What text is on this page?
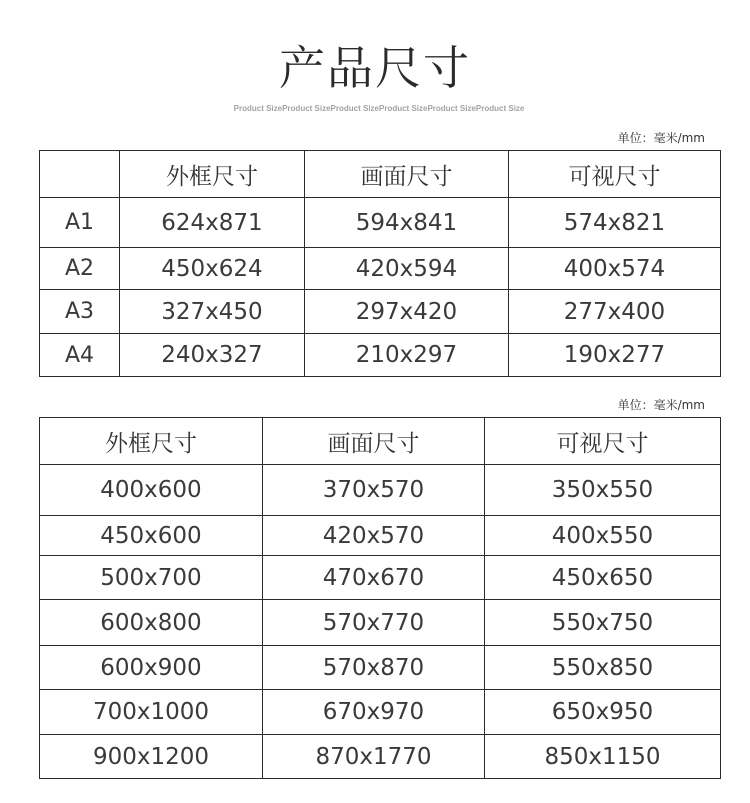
产品尺寸
Product SizeProduct SizeProduct SizeProduct SizeProduct SizeProduct Size
单位：毫米/mm
	外框尺寸	画面尺寸	可视尺寸
A1	624x871	594x841	574x821
A2	450x624	420x594	400x574
A3	327x450	297x420	277x400
A4	240x327	210x297	190x277
单位：毫米/mm
外框尺寸	画面尺寸	可视尺寸
400x600	370x570	350x550
450x600	420x570	400x550
500x700	470x670	450x650
600x800	570x770	550x750
600x900	570x870	550x850
700x1000	670x970	650x950
900x1200	870x1770	850x1150
